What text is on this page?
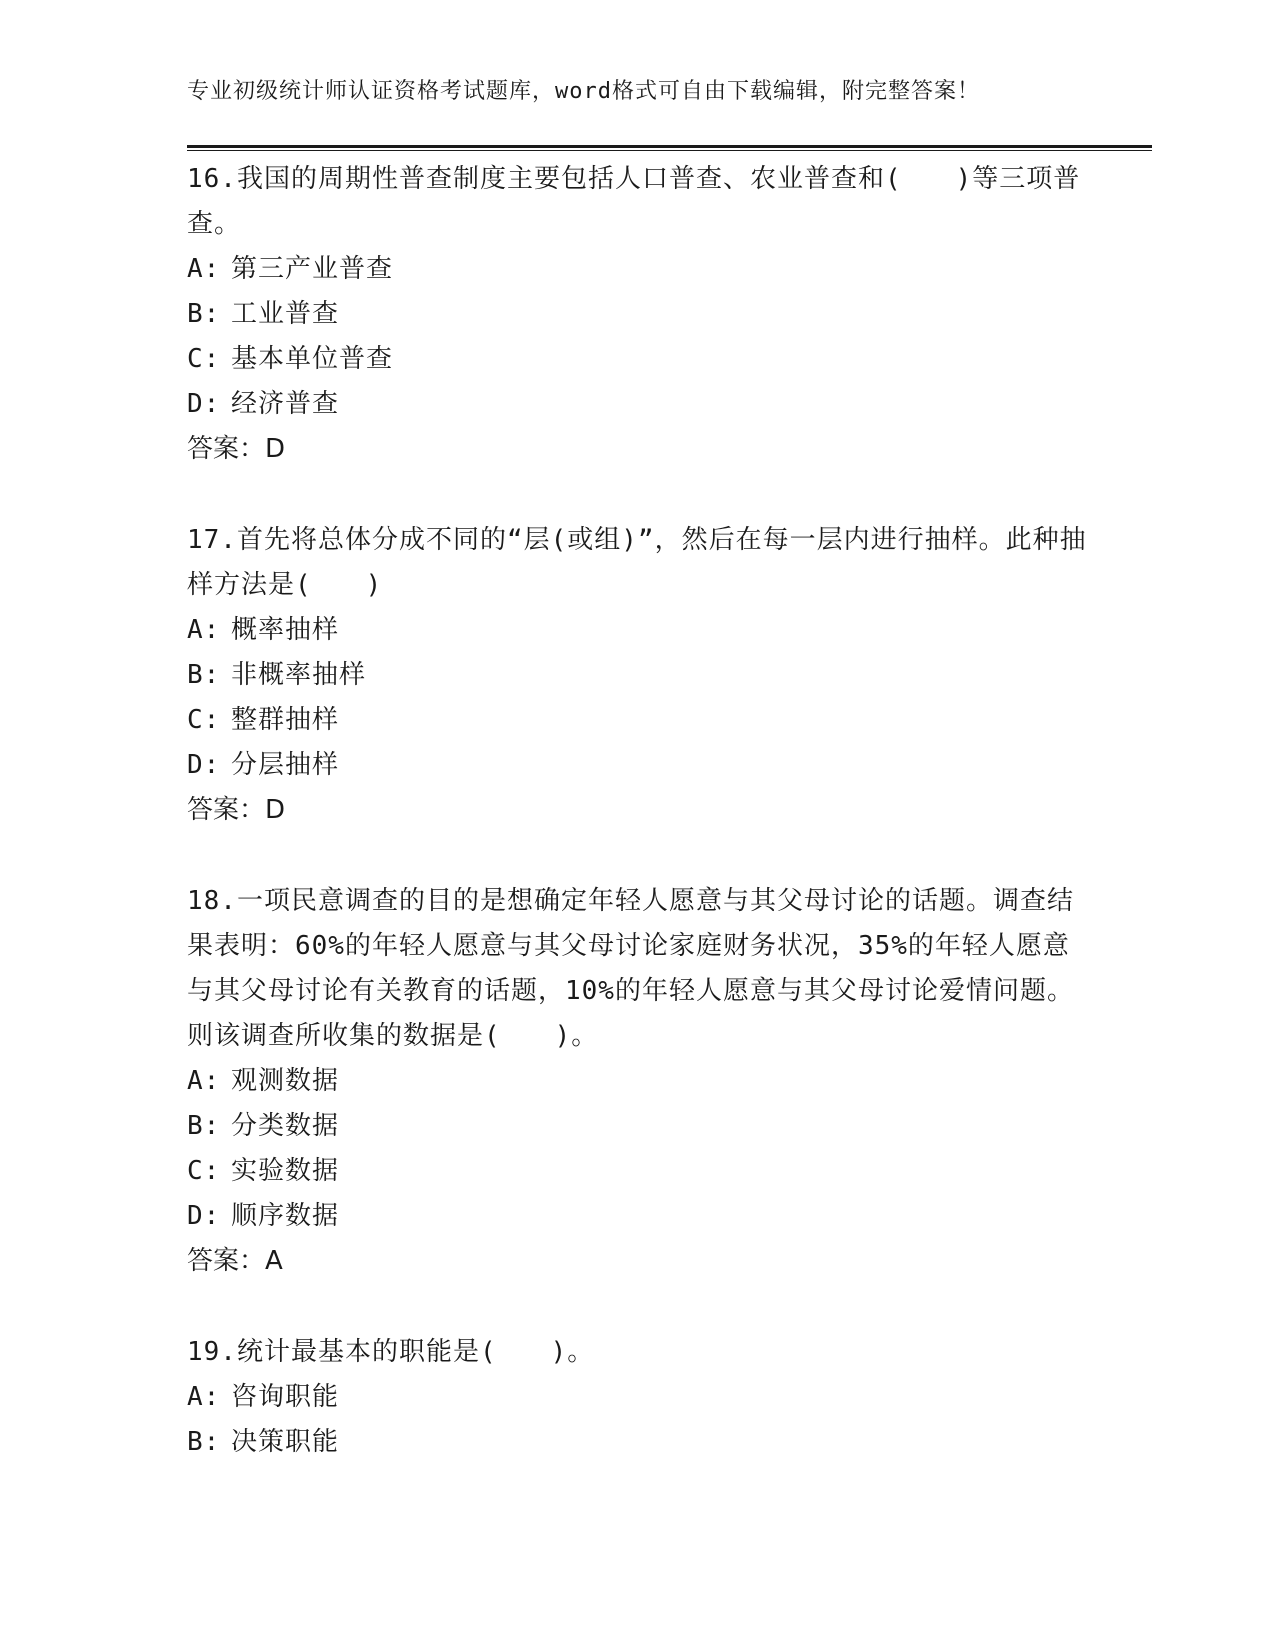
专业初级统计师认证资格考试题库，word格式可自由下载编辑，附完整答案！

16.我国的周期性普查制度主要包括人口普查、农业普查和(　　)等三项普查。

A: 第三产业普查

B: 工业普查

C: 基本单位普查

D: 经济普查

答案：D

17.首先将总体分成不同的“层(或组)”，然后在每一层内进行抽样。此种抽样方法是(　　)

A: 概率抽样

B: 非概率抽样

C: 整群抽样

D: 分层抽样

答案：D

18.一项民意调查的目的是想确定年轻人愿意与其父母讨论的话题。调查结果表明：60%的年轻人愿意与其父母讨论家庭财务状况，35%的年轻人愿意与其父母讨论有关教育的话题，10%的年轻人愿意与其父母讨论爱情问题。则该调查所收集的数据是(　　)。

A: 观测数据

B: 分类数据

C: 实验数据

D: 顺序数据

答案：A

19.统计最基本的职能是(　　)。

A: 咨询职能

B: 决策职能
